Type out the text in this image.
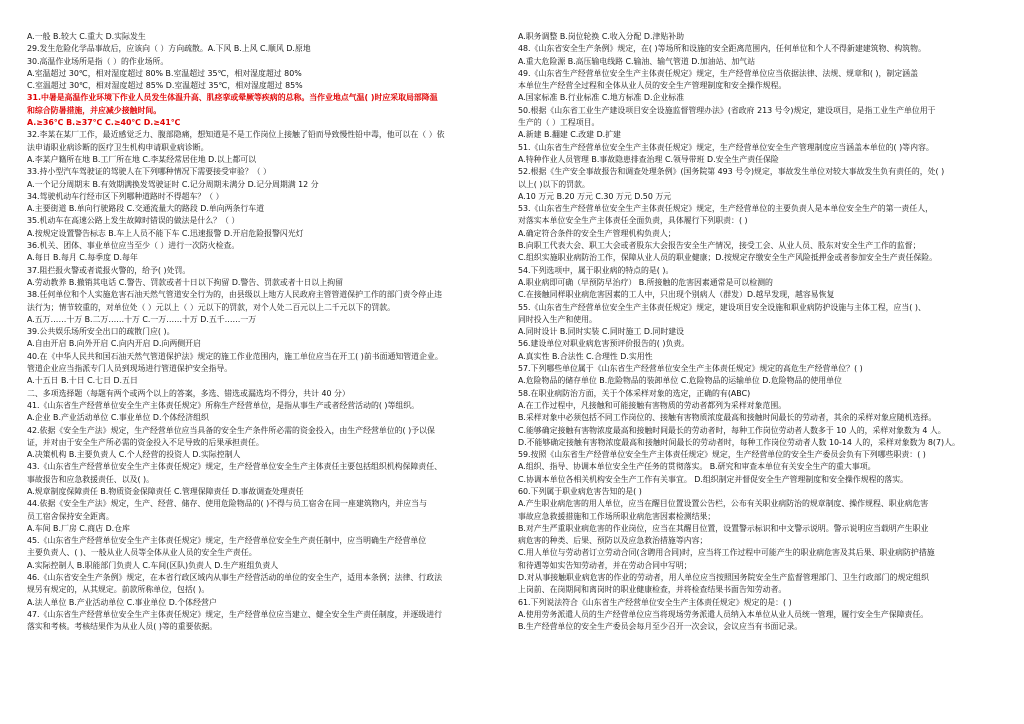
A.一般 B.较大 C.重大 D.实际发生
29.发生危险化学品事故后，应该向（ ）方向疏散。A.下风 B.上风 C.顺风 D.原地
30.高温作业场所是指（ ）的作业场所。
A.室温超过 30℃，相对湿度超过 80% B.室温超过 35℃，相对湿度超过 80%
C.室温超过 30℃，相对湿度超过 85% D.室温超过 35℃，相对湿度超过 85%
31.中暑是高温作业环境下作业人员发生体温升高、肌痉挛或晕厥等疾病的总称。当作业地点气温( )时应采取局部降温
和综合防暑措施，并应减少接触时间。
A.≥36℃ B.≥37℃ C.≥40℃ D.≥41℃
32.李某在某厂工作，最近感觉乏力、腹部隐痛，想知道是不是工作岗位上接触了铅而导致慢性铅中毒，他可以在（ ）依
法申请职业病诊断的医疗卫生机构申请职业病诊断。
A.李某户籍所在地 B.工厂所在地 C.李某经常居住地 D.以上都可以
33.持小型汽车驾驶证的驾驶人在下列哪种情况下需要接受审验？（ ）
A.一个记分周期末 B.有效期满换发驾驶证时 C.记分周期未满分 D.记分周期满 12 分
34.驾驶机动车行经市区下列哪种道路时不得超车？（ ）
A.主要街道 B.单向行驶路段 C.交通流量大的路段 D.单向两条行车道
35.机动车在高速公路上发生故障时错误的做法是什么？（ ）
A.按规定设置警告标志 B.车上人员不能下车 C.迅速报警 D.开启危险报警闪光灯
36.机关、团体、事业单位应当至少（ ）进行一次防火检查。
A.每日 B.每月 C.每季度 D.每年
37.阻拦报火警或者谎报火警的，给予( )处罚。
A.劳动教养 B.撤销其电话 C.警告、罚款或者十日以下拘留 D.警告、罚款或者十日以上拘留
38.任何单位和个人实施危害石油天然气管道安全行为的，由县级以上地方人民政府主管管道保护工作的部门责令停止违
法行为；情节较重的，对单位处（ ）元以上（ ）元以下的罚款，对个人处二百元以上二千元以下的罚款。
A.五万……十万 B.二万……十万 C.一万……十万 D.五千……一万
39.公共娱乐场所安全出口的疏散门应( )。
A.自由开启 B.向外开启 C.向内开启 D.向两侧开启
40.在《中华人民共和国石油天然气管道保护法》规定的施工作业范围内，施工单位应当在开工( )前书面通知管道企业。
管道企业应当指派专门人员到现场进行管道保护安全指导。
A.十五日 B.十日 C.七日 D.五日
二、多项选择题（每题有两个或两个以上的答案，多选、错选或漏选均不得分，共计 40 分）
41.《山东省生产经营单位安全生产主体责任规定》所称生产经营单位，是指从事生产或者经营活动的( )等组织。
A.企业 B.产业活动单位 C.事业单位 D.个体经济组织
42.依据《安全生产法》规定，生产经营单位应当具备的安全生产条件所必需的资金投入，由生产经营单位的( )予以保
证，并对由于安全生产所必需的资金投入不足导致的后果承担责任。
A.决策机构 B.主要负责人 C.个人经营的投资人 D.实际控制人
43.《山东省生产经营单位安全生产主体责任规定》规定，生产经营单位安全生产主体责任主要包括组织机构保障责任、
事故报告和应急救援责任、以及( )。
A.规章制度保障责任 B.物质资金保障责任 C.管理保障责任 D.事故调查处理责任
44.依据《安全生产法》规定，生产、经营、储存、使用危险物品的( )不得与员工宿舍在同一座建筑物内，并应当与
员工宿舍保持安全距离。
A.车间 B.厂房 C.商店 D.仓库
45.《山东省生产经营单位安全生产主体责任规定》规定，生产经营单位安全生产责任制中，应当明确生产经营单位
主要负责人、( )、一般从业人员等全体从业人员的安全生产责任。
A.实际控制人 B.职能部门负责人 C.车间(区队)负责人 D.生产班组负责人
46.《山东省安全生产条例》规定，在本省行政区域内从事生产经营活动的单位的安全生产，适用本条例；法律、行政法
规另有规定的，从其规定。前款所称单位，包括( )。
A.法人单位 B.产业活动单位 C.事业单位 D.个体经营户
47.《山东省生产经营单位安全生产主体责任规定》规定，生产经营单位应当建立、健全安全生产责任制度，并逐级进行
落实和考核。考核结果作为从业人员( )等的重要依据。
A.职务调整 B.岗位轮换 C.收入分配 D.津贴补助
48.《山东省安全生产条例》规定，在( )等场所和设施的安全距离范围内，任何单位和个人不得新建建筑物、构筑物。
A.重大危险源 B.高压输电线路 C.输油、输气管道 D.加油站、加气站
49.《山东省生产经营单位安全生产主体责任规定》规定，生产经营单位应当依据法律、法规、规章和( )，制定涵盖
本单位生产经营全过程和全体从业人员的安全生产管理制度和安全操作规程。
A.国家标准 B.行业标准 C.地方标准 D.企业标准
50.根据《山东省工业生产建设项目安全设施监督管理办法》(省政府 213 号令)规定，建设项目，是指工业生产单位用于
生产的（ ）工程项目。
A.新建 B.翻建 C.改建 D.扩建
51.《山东省生产经营单位安全生产主体责任规定》规定，生产经营单位安全生产管理制度应当涵盖本单位的( )等内容。
A.特种作业人员管理 B.事故隐患排查治理 C.领导带班 D.安全生产责任保险
52.根据《生产安全事故报告和调查处理条例》(国务院第 493 号令)规定，事故发生单位对较大事故发生负有责任的，处( )
以上( )以下的罚款。
A.10 万元 B.20 万元 C.30 万元 D.50 万元
53.《山东省生产经营单位安全生产主体责任规定》规定，生产经营单位的主要负责人是本单位安全生产的第一责任人，
对落实本单位安全生产主体责任全面负责，具体履行下列职责：( )
A.确定符合条件的安全生产管理机构负责人；
B.向职工代表大会、职工大会或者股东大会报告安全生产情况，接受工会、从业人员、股东对安全生产工作的监督；
C.组织实施职业病防治工作，保障从业人员的职业健康；D.按规定存缴安全生产风险抵押金或者参加安全生产责任保险。
54.下列选项中，属于职业病的特点的是( )。
A.职业病即可确（早预防早治疗） B.所接触的危害因素通常是可以检测的
C.在接触同样职业病危害因素的工人中，只出现个别病人（群发）D.越早发现，越容易恢复
55.《山东省生产经营单位安全生产主体责任规定》规定，建设项目安全设施和职业病防护设施与主体工程，应当( )、
同时投入生产和使用。
A.同时设计 B.同时实装 C.同时施工 D.同时建设
56.建设单位对职业病危害预评价报告的( )负责。
A.真实性 B.合法性 C.合理性 D.实用性
57.下列哪些单位属于《山东省生产经营单位安全生产主体责任规定》规定的高危生产经营单位？( )
A.危险物品的储存单位 B.危险物品的装卸单位 C.危险物品的运输单位 D.危险物品的使用单位
58.在职业病防治方面，关于个体采样对象的选定，正确的有(ABC)
A.在工作过程中，凡接触和可能接触有害物质的劳动者都列为采样对象范围。
B.采样对象中必须包括不同工作岗位的、接触有害物质浓度最高和接触时间最长的劳动者，其余的采样对象应随机选择。
C.能够确定接触有害物浓度最高和接触时间最长的劳动者时，每种工作岗位劳动者人数多于 10 人的，采样对象数为 4 人。
D.不能够确定接触有害物浓度最高和接触时间最长的劳动者时，每种工作岗位劳动者人数 10-14 人的，采样对象数为 8(7)人。
59.按照《山东省生产经营单位安全生产主体责任规定》规定，生产经营单位的安全生产委员会负有下列哪些职责：( )
A.组织、指导、协调本单位安全生产任务的贯彻落实。 B.研究和审查本单位有关安全生产的重大事项。
C.协调本单位各相关机构安全生产工作有关事宜。 D.组织制定并督促安全生产管理制度和安全操作规程的落实。
60.下列属于职业病危害告知的是( )
A.产生职业病危害的用人单位，应当在醒目位置设置公告栏，公布有关职业病防治的规章制度、操作规程、职业病危害
事故应急救援措施和工作场所职业病危害因素检测结果；
B.对产生严重职业病危害的作业岗位，应当在其醒目位置，设置警示标识和中文警示说明。警示说明应当载明产生职业
病危害的种类、后果、预防以及应急救治措施等内容；
C.用人单位与劳动者订立劳动合同(含聘用合同)时，应当将工作过程中可能产生的职业病危害及其后果、职业病防护措施
和待遇等如实告知劳动者，并在劳动合同中写明；
D.对从事接触职业病危害的作业的劳动者，用人单位应当按照国务院安全生产监督管理部门、卫生行政部门的规定组织
上岗前、在岗期间和离岗时的职业健康检查，并将检查结果书面告知劳动者。
61.下列说法符合《山东省生产经营单位安全生产主体责任规定》规定的是：( )
A.使用劳务派遣人员的生产经营单位应当将现场劳务派遣人员纳入本单位从业人员统一管理，履行安全生产保障责任。
B.生产经营单位的安全生产委员会每月至少召开一次会议，会议应当有书面记录。
